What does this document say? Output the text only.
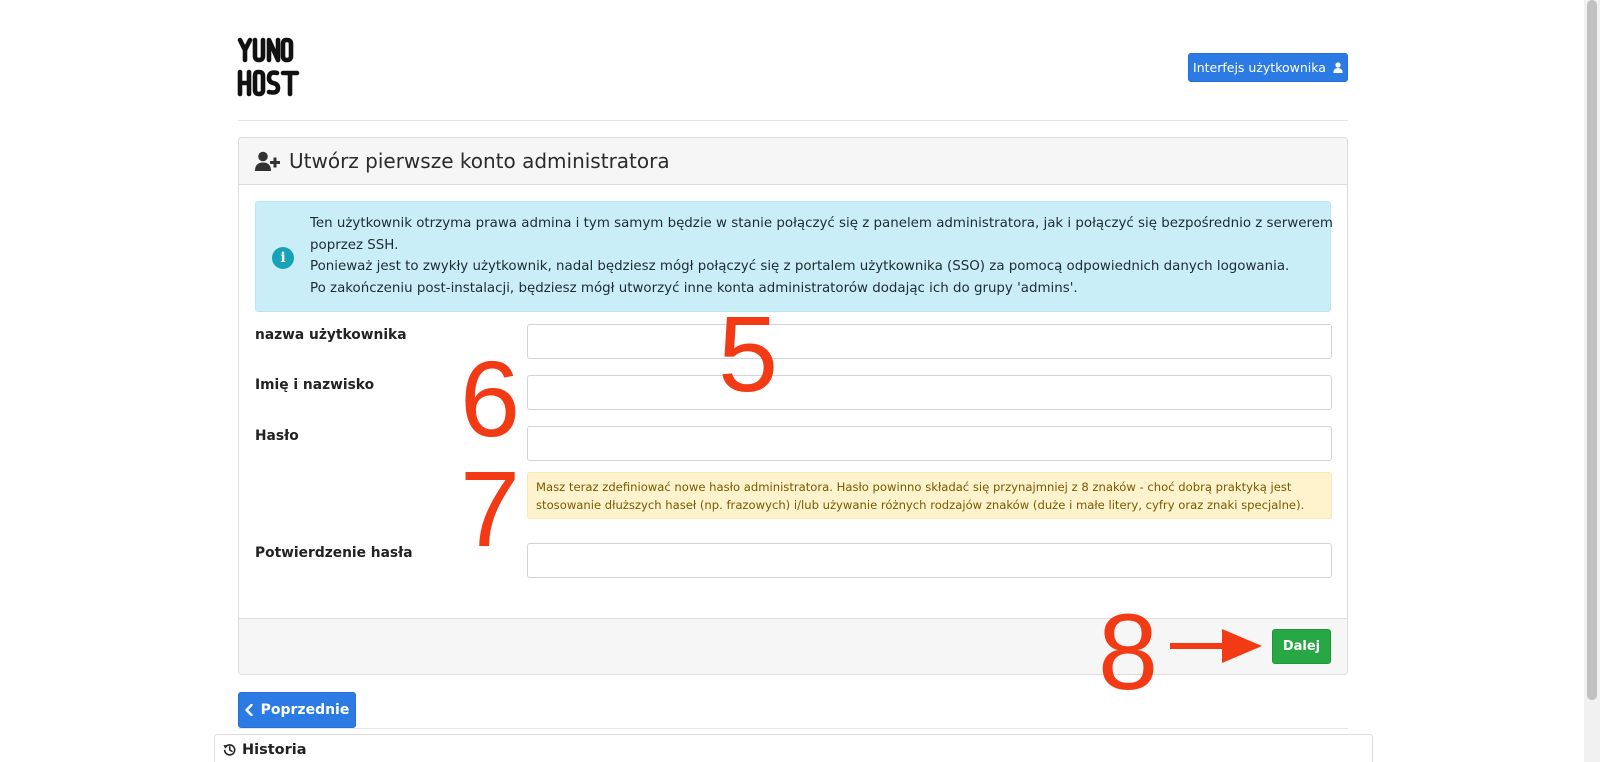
Interfejs użytkownika
Utwórz pierwsze konto administratora
i
Ten użytkownik otrzyma prawa admina i tym samym będzie w stanie połączyć się z panelem administratora, jak i połączyć się bezpośrednio z serwerem
poprzez SSH.
Ponieważ jest to zwykły użytkownik, nadal będziesz mógł połączyć się z portalem użytkownika (SSO) za pomocą odpowiednich danych logowania.
Po zakończeniu post-instalacji, będziesz mógł utworzyć inne konta administratorów dodając ich do grupy 'admins'.
nazwa użytkownika
Imię i nazwisko
Hasło
Masz teraz zdefiniować nowe hasło administratora. Hasło powinno składać się przynajmniej z 8 znaków - choć dobrą praktyką jest
stosowanie dłuższych haseł (np. frazowych) i/lub używanie różnych rodzajów znaków (duże i małe litery, cyfry oraz znaki specjalne).
Potwierdzenie hasła
Dalej
5
6
7
8
Poprzednie
Historia
